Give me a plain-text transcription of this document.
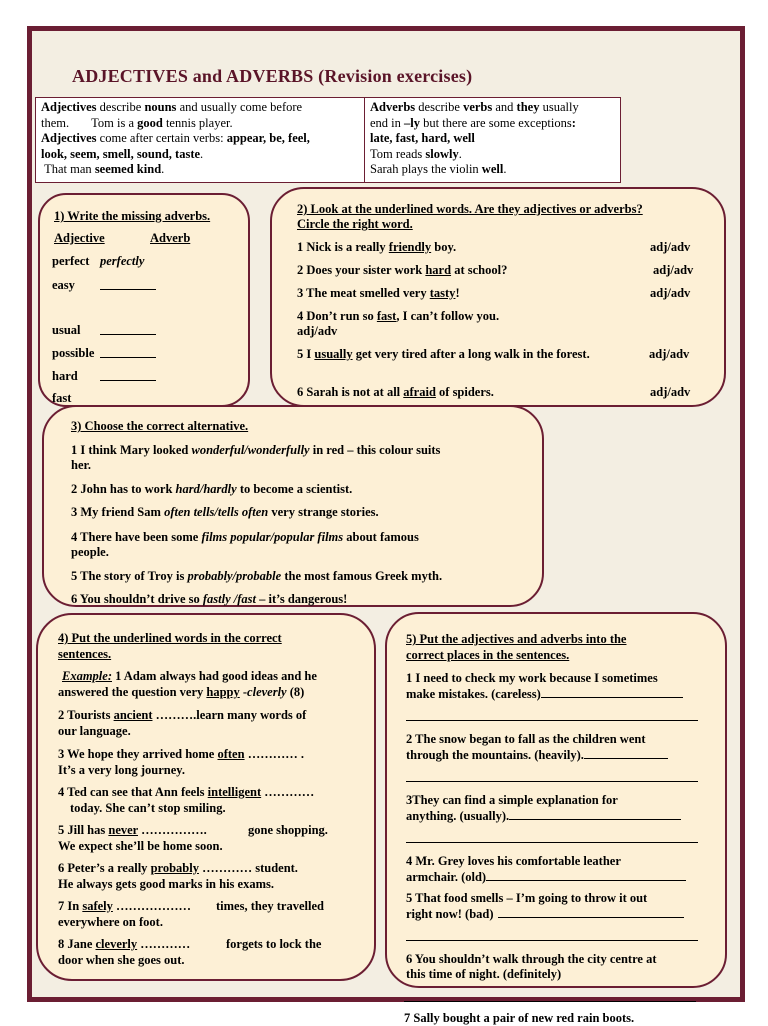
ADJECTIVES and ADVERBS (Revision exercises)
Adjectives describe nouns and usually come before
them. Tom is a good tennis player.
Adjectives come after certain verbs: appear, be, feel,
look, seem, smell, sound, taste.
That man seemed kind.
Adverbs describe verbs and they usually
end in –ly but there are some exceptions:
late, fast, hard, well
Tom reads slowly.
Sarah plays the violin well.
1) Write the missing adverbs.
Adjective	Adverb
perfect perfectly
easy
usual
possible
hard
fast
2) Look at the underlined words. Are they adjectives or adverbs?
Circle the right word.
1 Nick is a really friendly boy.	adj/adv
2 Does your sister work hard at school?	adj/adv
3 The meat smelled very tasty!	adj/adv
4 Don’t run so fast, I can’t follow you.
adj/adv
5 I usually get very tired after a long walk in the forest.	adj/adv
6 Sarah is not at all afraid of spiders.	adj/adv
3) Choose the correct alternative.
1 I think Mary looked wonderful/wonderfully in red – this colour suits
her.
2 John has to work hard/hardly to become a scientist.
3 My friend Sam often tells/tells often very strange stories.
4 There have been some films popular/popular films about famous
people.
5 The story of Troy is probably/probable the most famous Greek myth.
6 You shouldn’t drive so fastly /fast – it’s dangerous!
4) Put the underlined words in the correct
sentences.
Example: 1 Adam always had good ideas and he
answered the question very happy -cleverly (8)
2 Tourists ancient ……….learn many words of
our language.
3 We hope they arrived home often ………… .
It’s a very long journey.
4 Ted can see that Ann feels intelligent …………
today. She can’t stop smiling.
5 Jill has never …………….	gone shopping.
We expect she’ll be home soon.
6 Peter’s a really probably ………… student.
He always gets good marks in his exams.
7 In safely ……………… times, they travelled
everywhere on foot.
8 Jane cleverly …………	forgets to lock the
door when she goes out.
5) Put the adjectives and adverbs into the
correct places in the sentences.
1 I need to check my work because I sometimes
make mistakes. (careless)
2 The snow began to fall as the children went
through the mountains. (heavily).
3They can find a simple explanation for
anything. (usually).
4 Mr. Grey loves his comfortable leather
armchair. (old)
5 That food smells – I’m going to throw it out
right now! (bad)
6 You shouldn’t walk through the city centre at
this time of night. (definitely)
7 Sally bought a pair of new red rain boots.
